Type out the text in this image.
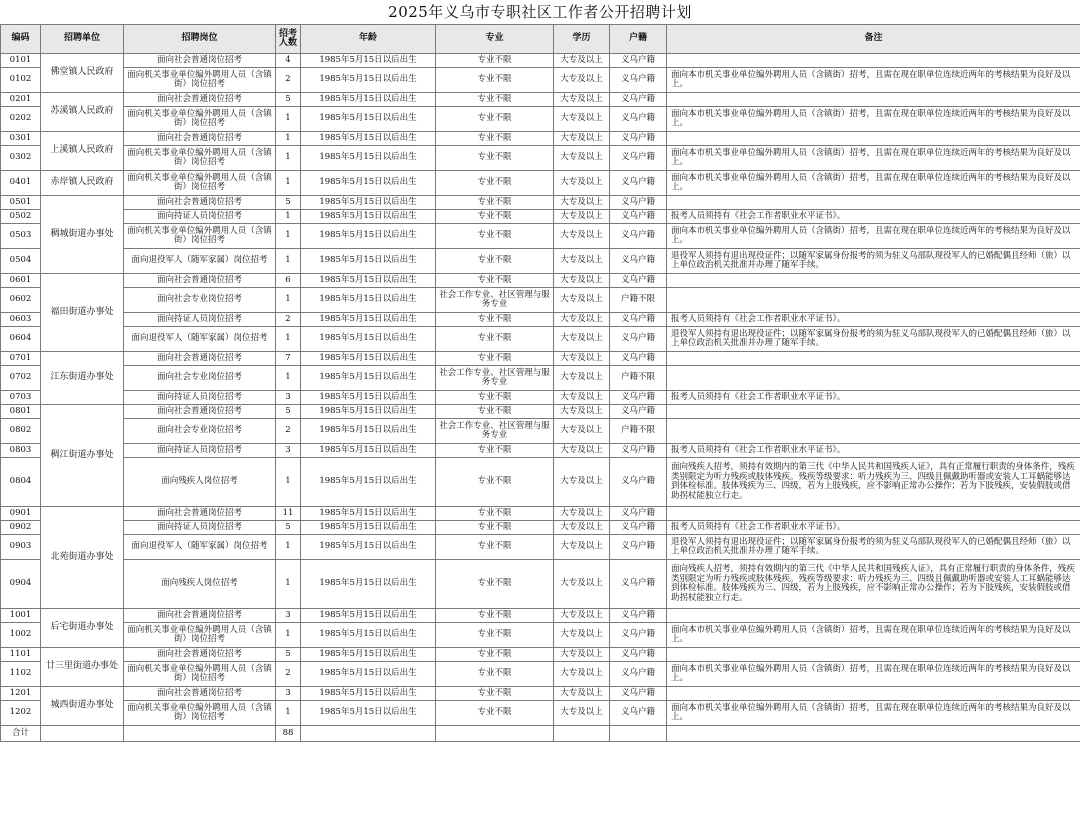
2025年义乌市专职社区工作者公开招聘计划
编码	招聘单位	招聘岗位	招考人数	年龄	专业	学历	户籍	备注
0101	佛堂镇人民政府	面向社会普通岗位招考	4	1985年5月15日以后出生	专业不限	大专及以上	义乌户籍	
0102		面向机关事业单位编外聘用人员（含镇街）岗位招考	2	1985年5月15日以后出生	专业不限	大专及以上	义乌户籍	面向本市机关事业单位编外聘用人员（含镇街）招考，且需在现在职单位连续近两年的考核结果为良好及以上。
0201	苏溪镇人民政府	面向社会普通岗位招考	5	1985年5月15日以后出生	专业不限	大专及以上	义乌户籍	
0202		面向机关事业单位编外聘用人员（含镇街）岗位招考	1	1985年5月15日以后出生	专业不限	大专及以上	义乌户籍	面向本市机关事业单位编外聘用人员（含镇街）招考，且需在现在职单位连续近两年的考核结果为良好及以上。
0301	上溪镇人民政府	面向社会普通岗位招考	1	1985年5月15日以后出生	专业不限	大专及以上	义乌户籍	
0302		面向机关事业单位编外聘用人员（含镇街）岗位招考	1	1985年5月15日以后出生	专业不限	大专及以上	义乌户籍	面向本市机关事业单位编外聘用人员（含镇街）招考，且需在现在职单位连续近两年的考核结果为良好及以上。
0401	赤岸镇人民政府	面向机关事业单位编外聘用人员（含镇街）岗位招考	1	1985年5月15日以后出生	专业不限	大专及以上	义乌户籍	面向本市机关事业单位编外聘用人员（含镇街）招考，且需在现在职单位连续近两年的考核结果为良好及以上。
0501	稠城街道办事处	面向社会普通岗位招考	5	1985年5月15日以后出生	专业不限	大专及以上	义乌户籍	
0502		面向持证人员岗位招考	1	1985年5月15日以后出生	专业不限	大专及以上	义乌户籍	报考人员须持有《社会工作者职业水平证书》。
0503		面向机关事业单位编外聘用人员（含镇街）岗位招考	1	1985年5月15日以后出生	专业不限	大专及以上	义乌户籍	面向本市机关事业单位编外聘用人员（含镇街）招考，且需在现在职单位连续近两年的考核结果为良好及以上。
0504		面向退役军人（随军家属）岗位招考	1	1985年5月15日以后出生	专业不限	大专及以上	义乌户籍	退役军人须持有退出现役证件；以随军家属身份报考的须为驻义乌部队现役军人的已婚配偶且经师（旅）以上单位政治机关批准并办理了随军手续。
0601	福田街道办事处	面向社会普通岗位招考	6	1985年5月15日以后出生	专业不限	大专及以上	义乌户籍	
0602		面向社会专业岗位招考	1	1985年5月15日以后出生	社会工作专业、社区管理与服务专业	大专及以上	户籍不限	
0603		面向持证人员岗位招考	2	1985年5月15日以后出生	专业不限	大专及以上	义乌户籍	报考人员须持有《社会工作者职业水平证书》。
0604		面向退役军人（随军家属）岗位招考	1	1985年5月15日以后出生	专业不限	大专及以上	义乌户籍	退役军人须持有退出现役证件；以随军家属身份报考的须为驻义乌部队现役军人的已婚配偶且经师（旅）以上单位政治机关批准并办理了随军手续。
0701	江东街道办事处	面向社会普通岗位招考	7	1985年5月15日以后出生	专业不限	大专及以上	义乌户籍	
0702		面向社会专业岗位招考	1	1985年5月15日以后出生	社会工作专业、社区管理与服务专业	大专及以上	户籍不限	
0703		面向持证人员岗位招考	3	1985年5月15日以后出生	专业不限	大专及以上	义乌户籍	报考人员须持有《社会工作者职业水平证书》。
0801	稠江街道办事处	面向社会普通岗位招考	5	1985年5月15日以后出生	专业不限	大专及以上	义乌户籍	
0802		面向社会专业岗位招考	2	1985年5月15日以后出生	社会工作专业、社区管理与服务专业	大专及以上	户籍不限	
0803		面向持证人员岗位招考	3	1985年5月15日以后出生	专业不限	大专及以上	义乌户籍	报考人员须持有《社会工作者职业水平证书》。
0804		面向残疾人岗位招考	1	1985年5月15日以后出生	专业不限	大专及以上	义乌户籍	面向残疾人招考，须持有效期内的第三代《中华人民共和国残疾人证》，具有正常履行职责的身体条件，残疾类别限定为听力残疾或肢体残疾。残疾等级要求：听力残疾为三、四级且佩戴助听器或安装人工耳蜗能够达到体检标准。肢体残疾为三、四级，若为上肢残疾，应不影响正常办公操作；若为下肢残疾，安装假肢或借助拐杖能独立行走。
0901	北苑街道办事处	面向社会普通岗位招考	11	1985年5月15日以后出生	专业不限	大专及以上	义乌户籍	
0902		面向持证人员岗位招考	5	1985年5月15日以后出生	专业不限	大专及以上	义乌户籍	报考人员须持有《社会工作者职业水平证书》。
0903		面向退役军人（随军家属）岗位招考	1	1985年5月15日以后出生	专业不限	大专及以上	义乌户籍	退役军人须持有退出现役证件；以随军家属身份报考的须为驻义乌部队现役军人的已婚配偶且经师（旅）以上单位政治机关批准并办理了随军手续。
0904		面向残疾人岗位招考	1	1985年5月15日以后出生	专业不限	大专及以上	义乌户籍	面向残疾人招考，须持有效期内的第三代《中华人民共和国残疾人证》，具有正常履行职责的身体条件，残疾类别限定为听力残疾或肢体残疾。残疾等级要求：听力残疾为三、四级且佩戴助听器或安装人工耳蜗能够达到体检标准。肢体残疾为三、四级，若为上肢残疾，应不影响正常办公操作；若为下肢残疾，安装假肢或借助拐杖能独立行走。
1001	后宅街道办事处	面向社会普通岗位招考	3	1985年5月15日以后出生	专业不限	大专及以上	义乌户籍	
1002		面向机关事业单位编外聘用人员（含镇街）岗位招考	1	1985年5月15日以后出生	专业不限	大专及以上	义乌户籍	面向本市机关事业单位编外聘用人员（含镇街）招考，且需在现在职单位连续近两年的考核结果为良好及以上。
1101	廿三里街道办事处	面向社会普通岗位招考	5	1985年5月15日以后出生	专业不限	大专及以上	义乌户籍	
1102		面向机关事业单位编外聘用人员（含镇街）岗位招考	2	1985年5月15日以后出生	专业不限	大专及以上	义乌户籍	面向本市机关事业单位编外聘用人员（含镇街）招考，且需在现在职单位连续近两年的考核结果为良好及以上。
1201	城西街道办事处	面向社会普通岗位招考	3	1985年5月15日以后出生	专业不限	大专及以上	义乌户籍	
1202		面向机关事业单位编外聘用人员（含镇街）岗位招考	1	1985年5月15日以后出生	专业不限	大专及以上	义乌户籍	面向本市机关事业单位编外聘用人员（含镇街）招考，且需在现在职单位连续近两年的考核结果为良好及以上。
合计			88					
